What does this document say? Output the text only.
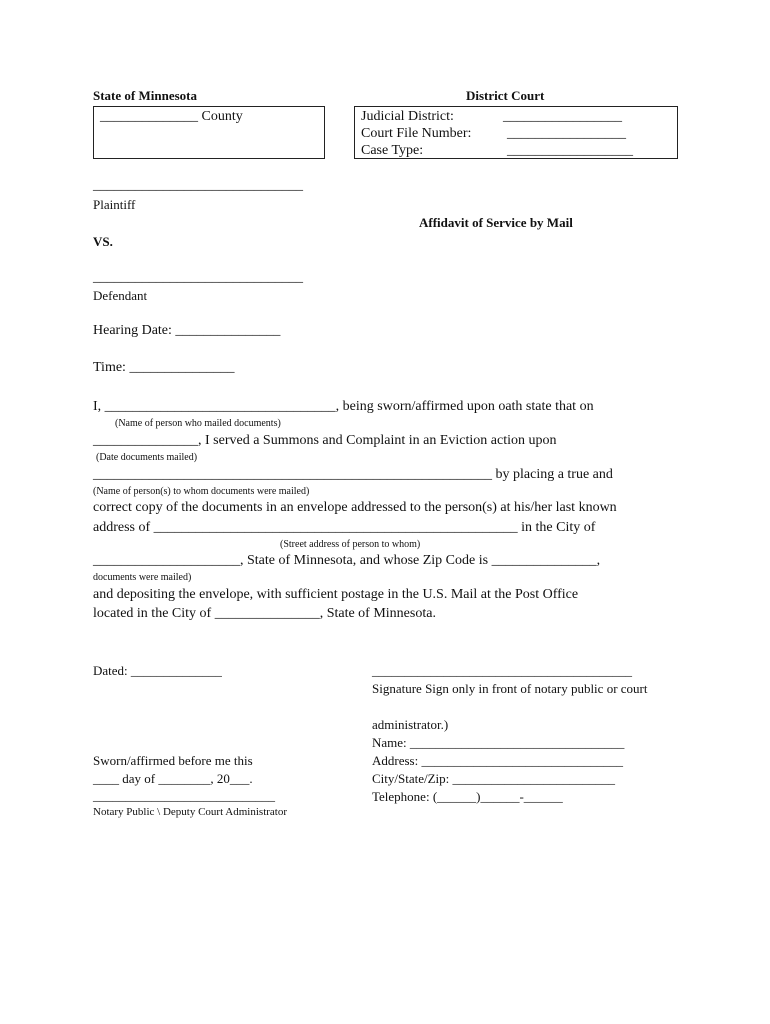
State of Minnesota	District Court
______________ County	Judicial District:	_________________
Court File Number:	_________________
Case Type:	__________________
______________________________
Plaintiff
Affidavit of Service by Mail
VS.
______________________________
Defendant
Hearing Date: _______________
Time: _______________
I, _________________________________, being sworn/affirmed upon oath state that on
(Name of person who mailed documents)
_______________, I served a Summons and Complaint in an Eviction action upon
(Date documents mailed)
_________________________________________________________ by placing a true and
(Name of person(s) to whom documents were mailed)
correct copy of the documents in an envelope addressed to the person(s) at his/her last known
address of ____________________________________________________ in the City of
(Street address of person to whom)
_____________________, State of Minnesota, and whose Zip Code is _______________,
documents were mailed)
and depositing the envelope, with sufficient postage in the U.S. Mail at the Post Office
located in the City of _______________, State of Minnesota.
Dated: ______________	________________________________________
Signature Sign only in front of notary public or court
administrator.)
Name: _________________________________
Address: _______________________________
City/State/Zip: _________________________
Telephone: (______)______-______
Sworn/affirmed before me this
____ day of ________, 20___.
____________________________
Notary Public \ Deputy Court Administrator
